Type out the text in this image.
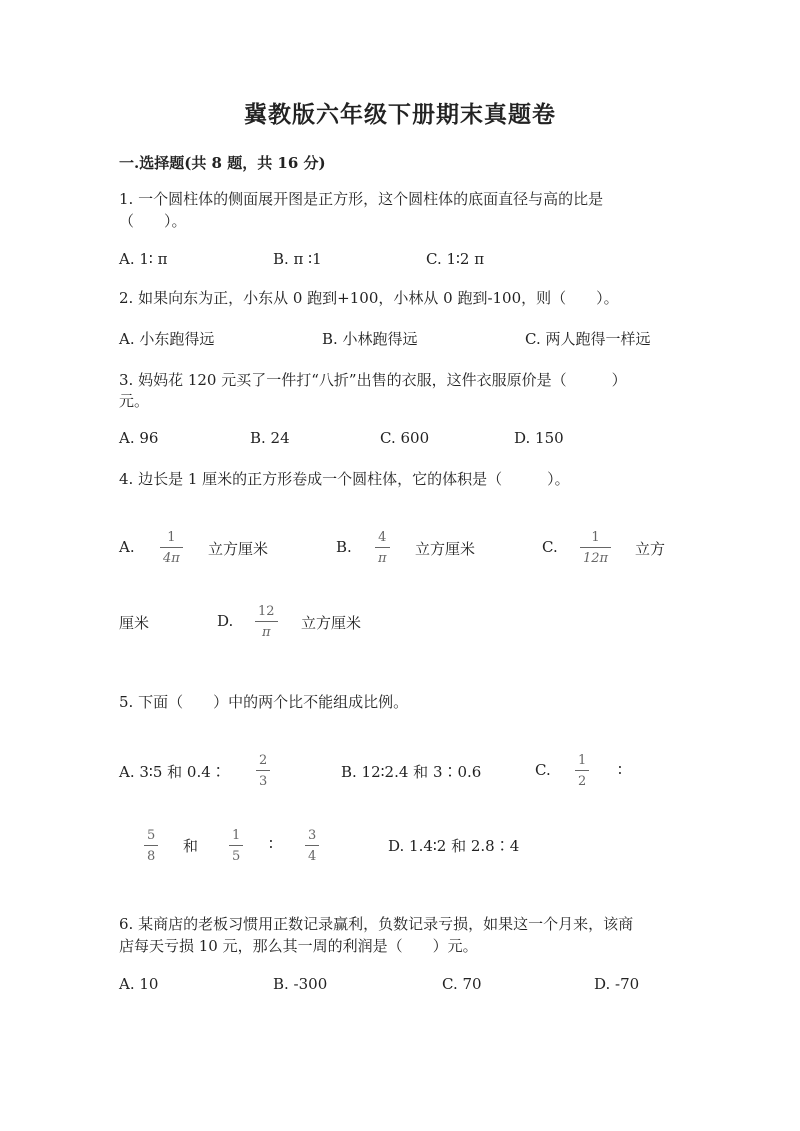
冀教版六年级下册期末真题卷
一.选择题(共 8 题，共 16 分)
1. 一个圆柱体的侧面展开图是正方形，这个圆柱体的底面直径与高的比是
（　　）。
A. 1∶ π	B. π ∶1	C. 1∶2 π
2. 如果向东为正，小东从 0 跑到+100，小林从 0 跑到-100，则（　　）。
A. 小东跑得远	B. 小林跑得远	C. 两人跑得一样远
3. 妈妈花 120 元买了一件打“八折”出售的衣服，这件衣服原价是（　　　）
元。
A. 96	B. 24	C. 600	D. 150
4. 边长是 1 厘米的正方形卷成一个圆柱体，它的体积是（　　　）。
A.
1
4π
立方厘米	B.
4
π
立方厘米	C.
1
12π
立方
厘米	D.
12
π
立方厘米
5. 下面（　　）中的两个比不能组成比例。
A. 3∶5 和 0.4∶
2
3
B. 12∶2.4 和 3∶0.6	C.
1
2
∶
5
8
和
1
5
∶	3
4
D. 1.4∶2 和 2.8∶4
6. 某商店的老板习惯用正数记录赢利，负数记录亏损，如果这一个月来，该商
店每天亏损 10 元，那么其一周的利润是（　　）元。
A. 10	B. -300	C. 70	D. -70
